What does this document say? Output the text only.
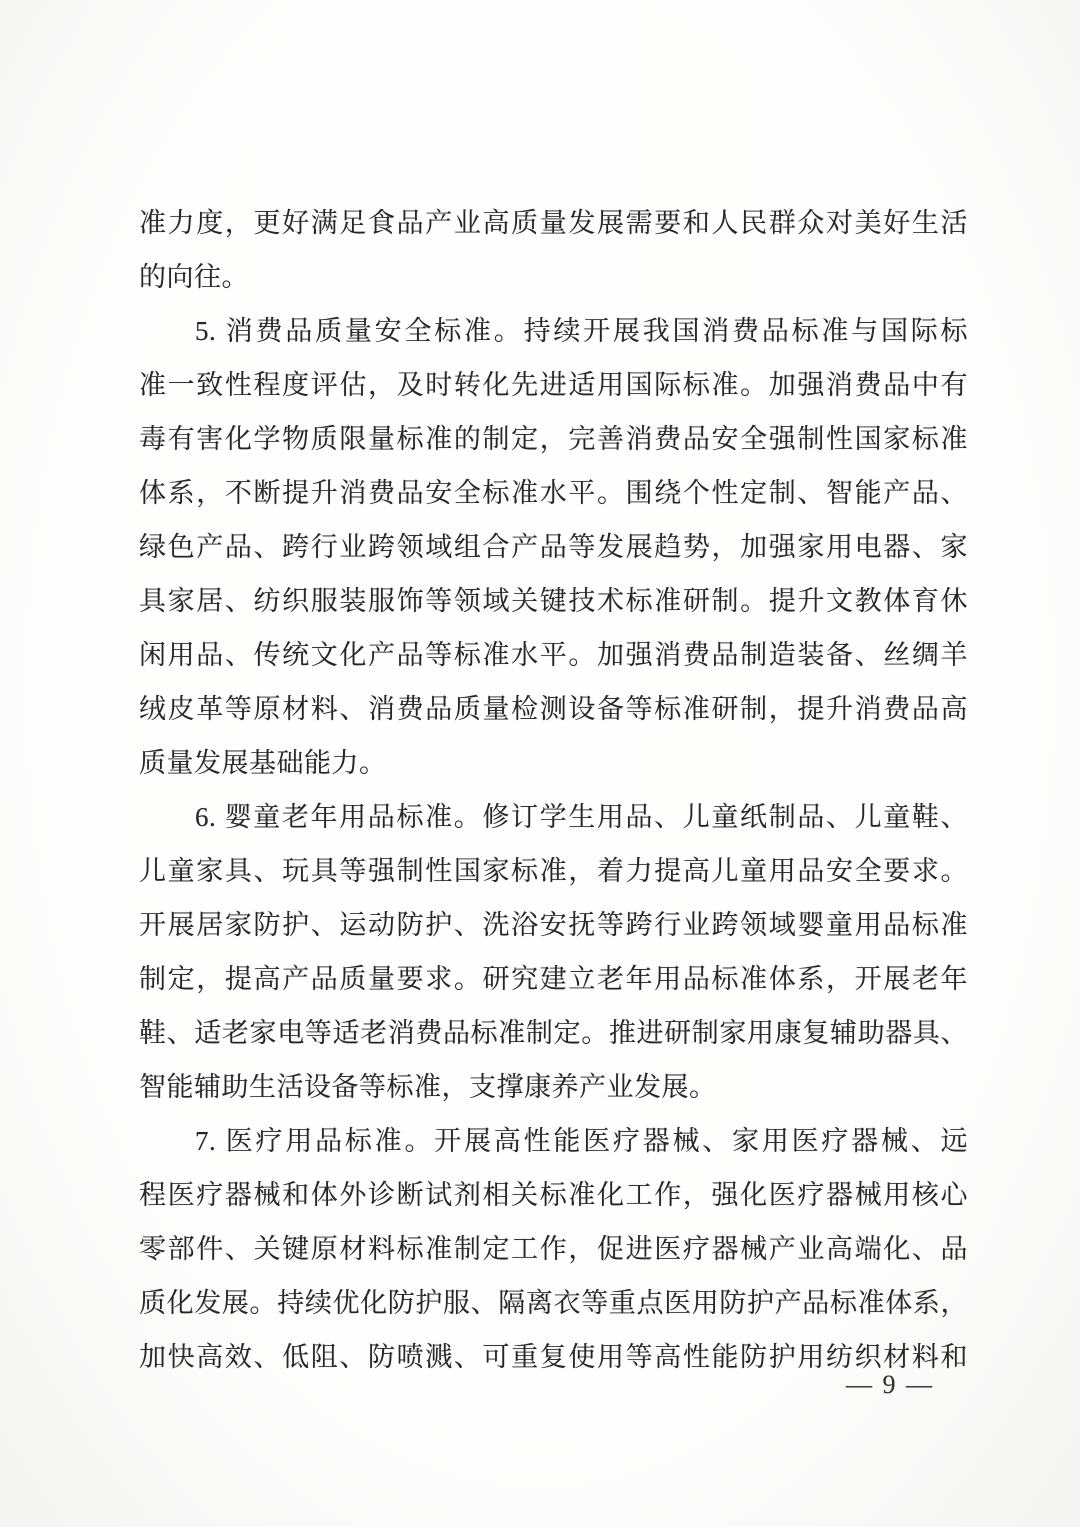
准力度，更好满足食品产业高质量发展需要和人民群众对美好生活
的向往。
5. 消费品质量安全标准。持续开展我国消费品标准与国际标
准一致性程度评估，及时转化先进适用国际标准。加强消费品中有
毒有害化学物质限量标准的制定，完善消费品安全强制性国家标准
体系，不断提升消费品安全标准水平。围绕个性定制、智能产品、
绿色产品、跨行业跨领域组合产品等发展趋势，加强家用电器、家
具家居、纺织服装服饰等领域关键技术标准研制。提升文教体育休
闲用品、传统文化产品等标准水平。加强消费品制造装备、丝绸羊
绒皮革等原材料、消费品质量检测设备等标准研制，提升消费品高
质量发展基础能力。
6. 婴童老年用品标准。修订学生用品、儿童纸制品、儿童鞋、
儿童家具、玩具等强制性国家标准，着力提高儿童用品安全要求。
开展居家防护、运动防护、洗浴安抚等跨行业跨领域婴童用品标准
制定，提高产品质量要求。研究建立老年用品标准体系，开展老年
鞋、适老家电等适老消费品标准制定。推进研制家用康复辅助器具、
智能辅助生活设备等标准，支撑康养产业发展。
7. 医疗用品标准。开展高性能医疗器械、家用医疗器械、远
程医疗器械和体外诊断试剂相关标准化工作，强化医疗器械用核心
零部件、关键原材料标准制定工作，促进医疗器械产业高端化、品
质化发展。持续优化防护服、隔离衣等重点医用防护产品标准体系，
加快高效、低阻、防喷溅、可重复使用等高性能防护用纺织材料和
— 9 —
